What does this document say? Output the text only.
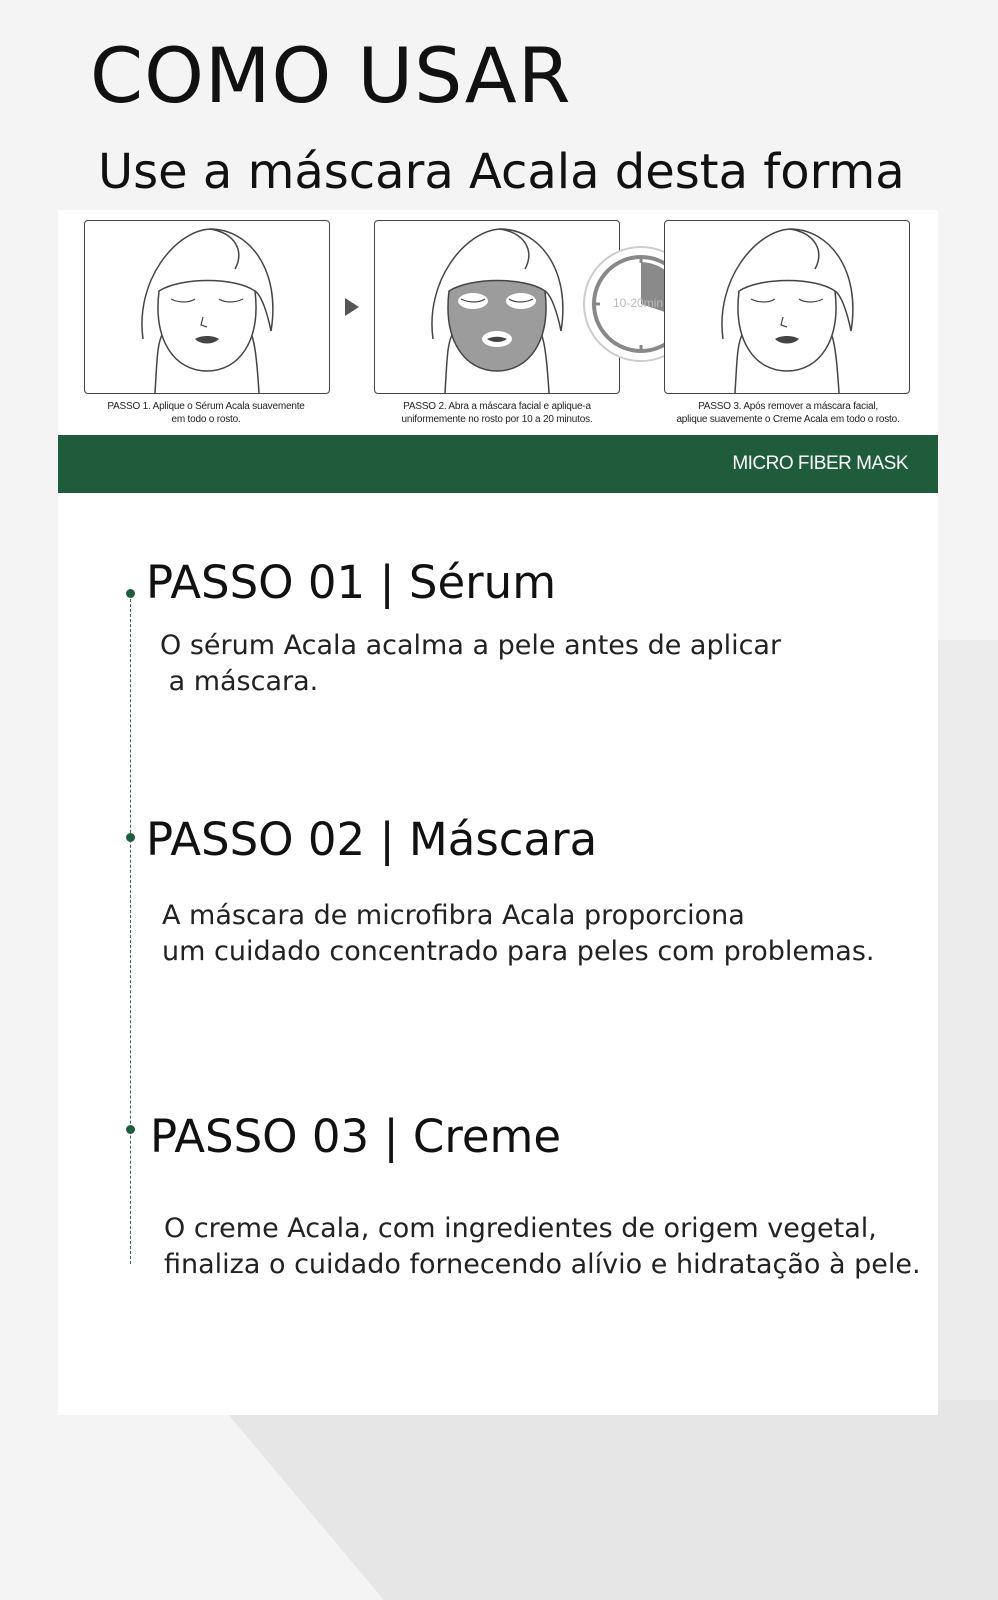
COMO USAR
Use a máscara Acala desta forma
PASSO 1. Aplique o Sérum Acala suavemente
em todo o rosto.
PASSO 2. Abra a máscara facial e aplique-a
uniformemente no rosto por 10 a 20 minutos.
10-20min
PASSO 3. Após remover a máscara facial,
aplique suavemente o Creme Acala em todo o rosto.
MICRO FIBER MASK
PASSO 01 | Sérum

O sérum Acala acalma a pele antes de aplicar
a máscara.

PASSO 02 | Máscara

A máscara de microfibra Acala proporciona
um cuidado concentrado para peles com problemas.

PASSO 03 | Creme

O creme Acala, com ingredientes de origem vegetal,
finaliza o cuidado fornecendo alívio e hidratação à pele.
